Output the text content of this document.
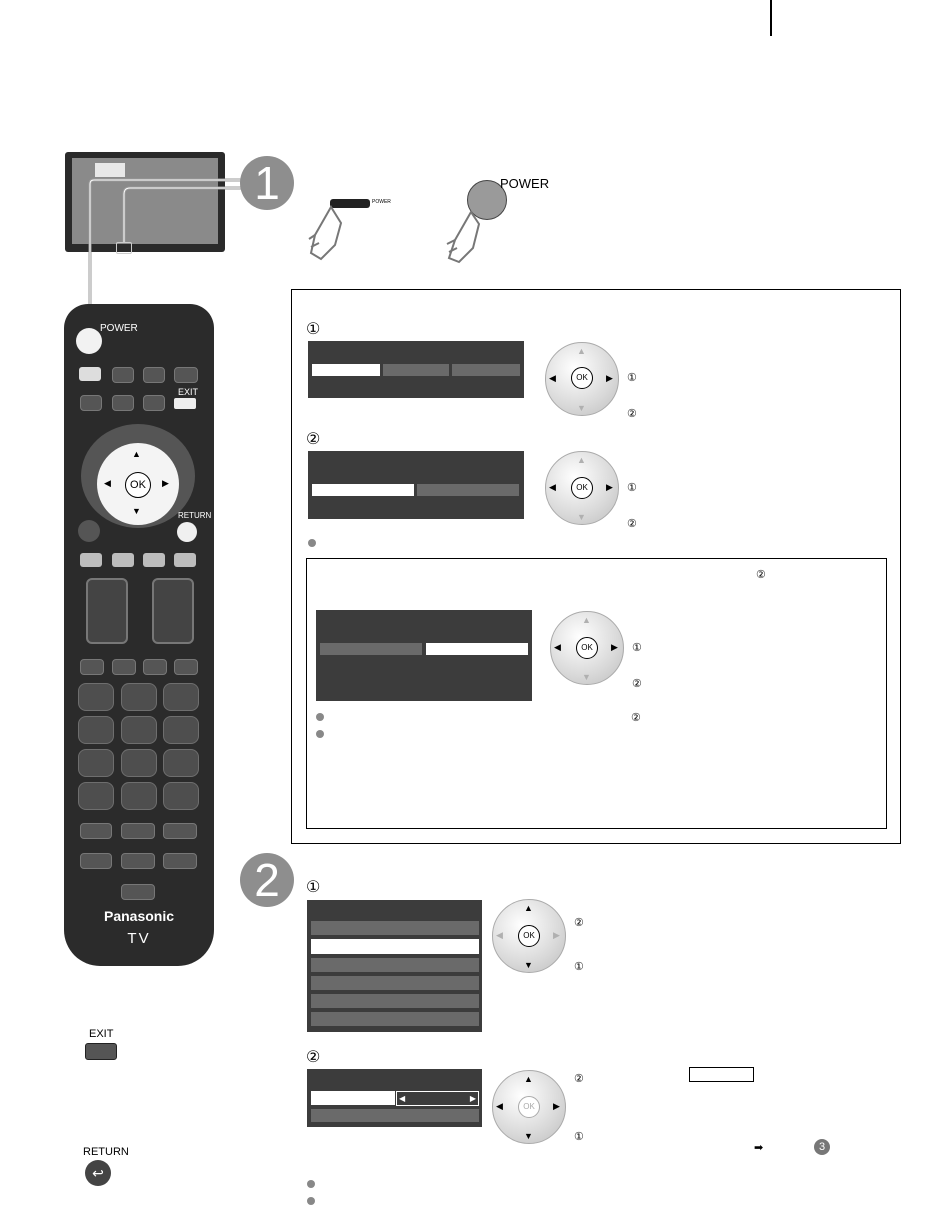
1	POWER
POWER
POWER
EXIT
OK
▲
▼
◀	▶
RETURN
Panasonic
TV
EXIT
RETURN
↩
①
OK
▲
▼
◀	▶ ①
②
②
OK
▲
▼
◀	▶ ①
②
②
OK
▲
▼
◀	▶ ①
②
②
2	①
OK
▲
▼
◀	▶
②
①
②
◀	▶
OK
▲
▼
◀	▶
②
①
➡	3
